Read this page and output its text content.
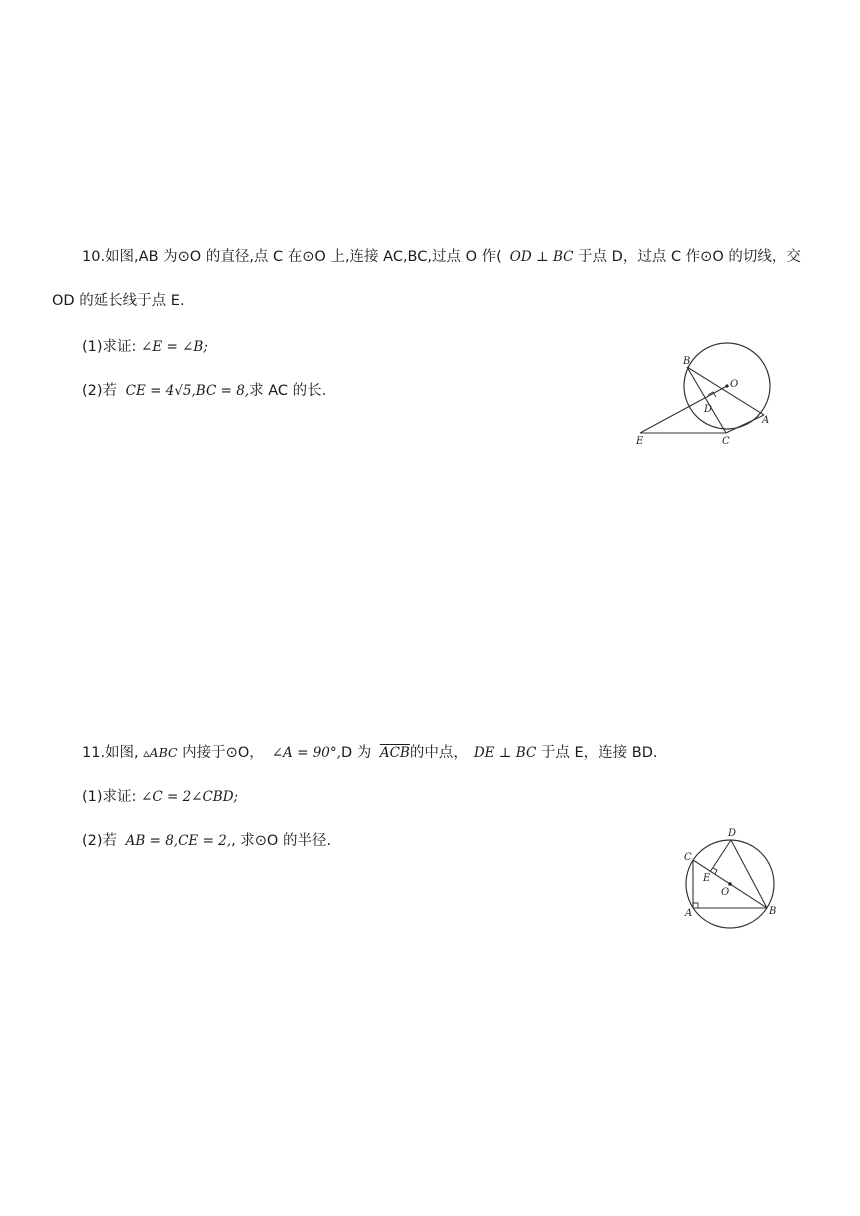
10.如图,AB 为⊙O 的直径,点 C 在⊙O 上,连接 AC,BC,过点 O 作( OD ⊥ BC 于点 D，过点 C 作⊙O 的切线，交
OD 的延长线于点 E.
(1)求证: ∠E = ∠B;
(2)若 CE = 4√5,BC = 8,求 AC 的长.
B
O
D
A
E	C
11.如图, ▵ABC 内接于⊙O， ∠A = 90°,D 为 $\overline{ACB}$的中点， DE ⊥ BC 于点 E，连接 BD.
(1)求证: ∠C = 2∠CBD;
(2)若 AB = 8,CE = 2,, 求⊙O 的半径.
C
D
E
O
A	B
